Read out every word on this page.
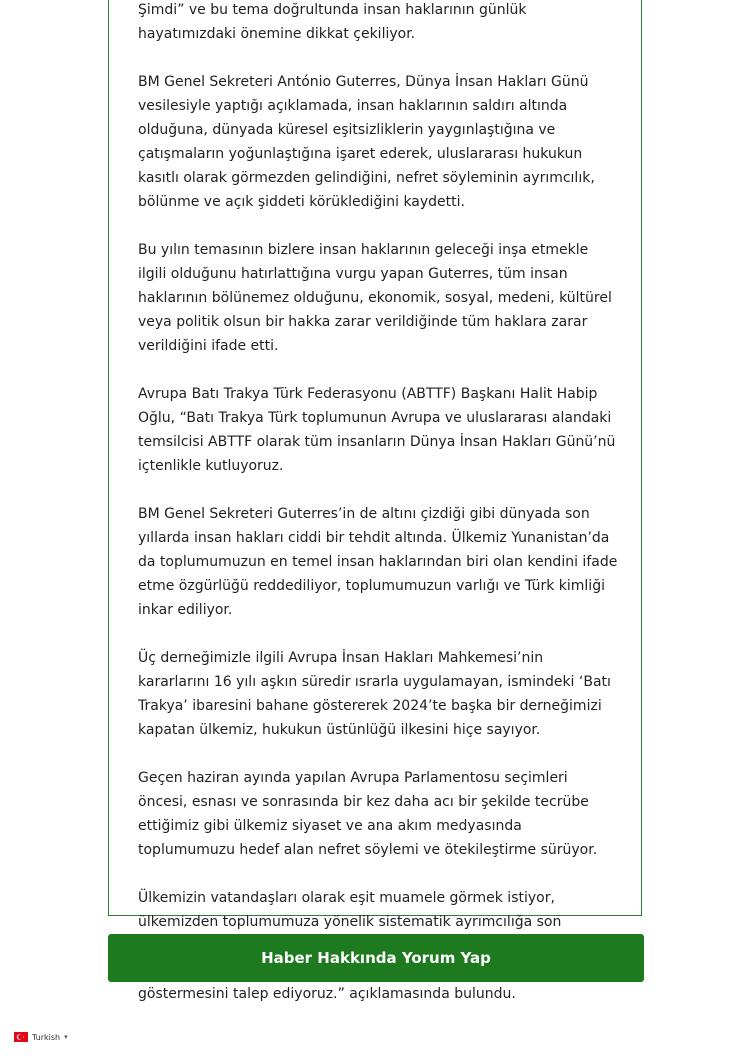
Şimdi” ve bu tema doğrultunda insan haklarının günlük hayatımızdaki önemine dikkat çekiliyor.

BM Genel Sekreteri António Guterres, Dünya İnsan Hakları Günü vesilesiyle yaptığı açıklamada, insan haklarının saldırı altında olduğuna, dünyada küresel eşitsizliklerin yaygınlaştığına ve çatışmaların yoğunlaştığına işaret ederek, uluslararası hukukun kasıtlı olarak görmezden gelindiğini, nefret söyleminin ayrımcılık, bölünme ve açık şiddeti körüklediğini kaydetti.

Bu yılın temasının bizlere insan haklarının geleceği inşa etmekle ilgili olduğunu hatırlattığına vurgu yapan Guterres, tüm insan haklarının bölünemez olduğunu, ekonomik, sosyal, medeni, kültürel veya politik olsun bir hakka zarar verildiğinde tüm haklara zarar verildiğini ifade etti.

Avrupa Batı Trakya Türk Federasyonu (ABTTF) Başkanı Halit Habip Oğlu, “Batı Trakya Türk toplumunun Avrupa ve uluslararası alandaki temsilcisi ABTTF olarak tüm insanların Dünya İnsan Hakları Günü’nü içtenlikle kutluyoruz.

BM Genel Sekreteri Guterres’in de altını çizdiği gibi dünyada son yıllarda insan hakları ciddi bir tehdit altında. Ülkemiz Yunanistan’da da toplumumuzun en temel insan haklarından biri olan kendini ifade etme özgürlüğü reddediliyor, toplumumuzun varlığı ve Türk kimliği inkar ediliyor.

Üç derneğimizle ilgili Avrupa İnsan Hakları Mahkemesi’nin kararlarını 16 yılı aşkın süredir ısrarla uygulamayan, ismindeki ‘Batı Trakya’ ibaresini bahane göstererek 2024’te başka bir derneğimizi kapatan ülkemiz, hukukun üstünlüğü ilkesini hiçe sayıyor.

Geçen haziran ayında yapılan Avrupa Parlamentosu seçimleri öncesi, esnası ve sonrasında bir kez daha acı bir şekilde tecrübe ettiğimiz gibi ülkemiz siyaset ve ana akım medyasında toplumumuzu hedef alan nefret söylemi ve ötekileştirme sürüyor.

Ülkemizin vatandaşları olarak eşit muamele görmek istiyor, ülkemizden toplumumuza yönelik sistematik ayrımcılığa son göstermesini talep ediyoruz.” açıklamasında bulundu.

Haber Hakkında Yorum Yap
Turkish ▾
